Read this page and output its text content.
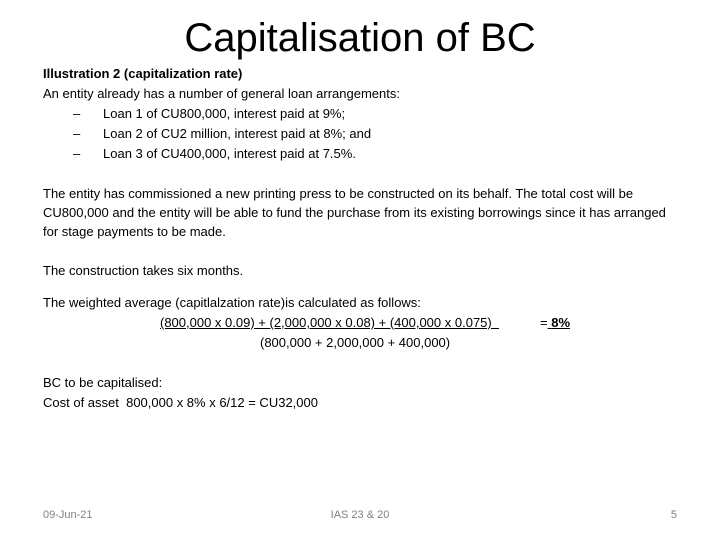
Capitalisation of BC
Illustration 2 (capitalization rate)
An entity already has a number of general loan arrangements:
– Loan 1 of CU800,000, interest paid at 9%;
– Loan 2 of CU2 million, interest paid at 8%; and
– Loan 3 of CU400,000, interest paid at 7.5%.
The entity has commissioned a new printing press to be constructed on its behalf. The total cost will be CU800,000 and the entity will be able to fund the purchase from its existing borrowings since it has arranged for stage payments to be made.
The construction takes six months.
The weighted average (capitlalzation rate)is calculated as follows:
(800,000 x 0.09) + (2,000,000 x 0.08) + (400,000 x 0.075)	= 8%
(800,000 + 2,000,000 + 400,000)
BC to be capitalised:
Cost of asset  800,000 x 8% x 6/12 = CU32,000
09-Jun-21	IAS 23 & 20	5
